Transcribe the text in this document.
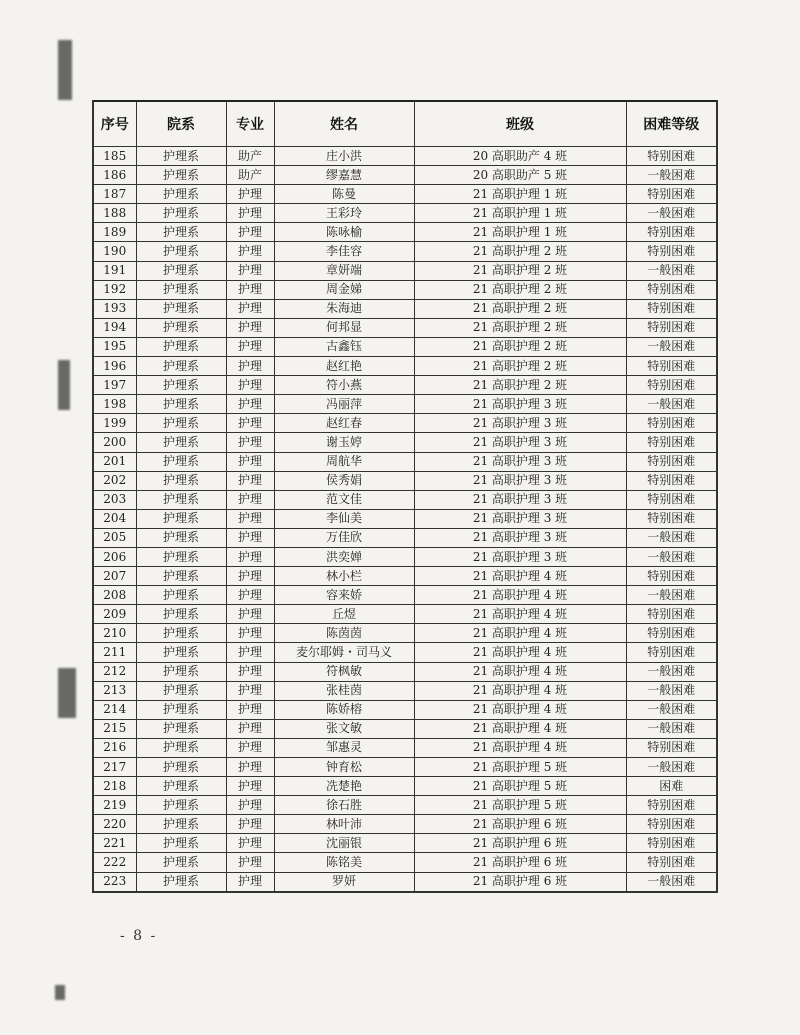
序号	院系	专业	姓名	班级	困难等级
185	护理系	助产	庄小洪	20 高职助产 4 班	特别困难
186	护理系	助产	缪嘉慧	20 高职助产 5 班	一般困难
187	护理系	护理	陈曼	21 高职护理 1 班	特别困难
188	护理系	护理	王彩玲	21 高职护理 1 班	一般困难
189	护理系	护理	陈咏榆	21 高职护理 1 班	特别困难
190	护理系	护理	李佳容	21 高职护理 2 班	特别困难
191	护理系	护理	章妍端	21 高职护理 2 班	一般困难
192	护理系	护理	周金娣	21 高职护理 2 班	特别困难
193	护理系	护理	朱海迪	21 高职护理 2 班	特别困难
194	护理系	护理	何邦显	21 高职护理 2 班	特别困难
195	护理系	护理	古鑫钰	21 高职护理 2 班	一般困难
196	护理系	护理	赵红艳	21 高职护理 2 班	特别困难
197	护理系	护理	符小燕	21 高职护理 2 班	特别困难
198	护理系	护理	冯丽萍	21 高职护理 3 班	一般困难
199	护理系	护理	赵红春	21 高职护理 3 班	特别困难
200	护理系	护理	谢玉婷	21 高职护理 3 班	特别困难
201	护理系	护理	周航华	21 高职护理 3 班	特别困难
202	护理系	护理	侯秀娟	21 高职护理 3 班	特别困难
203	护理系	护理	范文佳	21 高职护理 3 班	特别困难
204	护理系	护理	李仙美	21 高职护理 3 班	特别困难
205	护理系	护理	万佳欣	21 高职护理 3 班	一般困难
206	护理系	护理	洪奕婵	21 高职护理 3 班	一般困难
207	护理系	护理	林小栏	21 高职护理 4 班	特别困难
208	护理系	护理	容来娇	21 高职护理 4 班	一般困难
209	护理系	护理	丘煜	21 高职护理 4 班	特别困难
210	护理系	护理	陈茵茵	21 高职护理 4 班	特别困难
211	护理系	护理	麦尔耶姆・司马义	21 高职护理 4 班	特别困难
212	护理系	护理	符枫敏	21 高职护理 4 班	一般困难
213	护理系	护理	张桂茵	21 高职护理 4 班	一般困难
214	护理系	护理	陈娇榕	21 高职护理 4 班	一般困难
215	护理系	护理	张文敏	21 高职护理 4 班	一般困难
216	护理系	护理	邹惠灵	21 高职护理 4 班	特别困难
217	护理系	护理	钟育松	21 高职护理 5 班	一般困难
218	护理系	护理	冼楚艳	21 高职护理 5 班	困难
219	护理系	护理	徐石胜	21 高职护理 5 班	特别困难
220	护理系	护理	林叶沛	21 高职护理 6 班	特别困难
221	护理系	护理	沈丽银	21 高职护理 6 班	特别困难
222	护理系	护理	陈铭美	21 高职护理 6 班	特别困难
223	护理系	护理	罗妍	21 高职护理 6 班	一般困难
- 8 -
